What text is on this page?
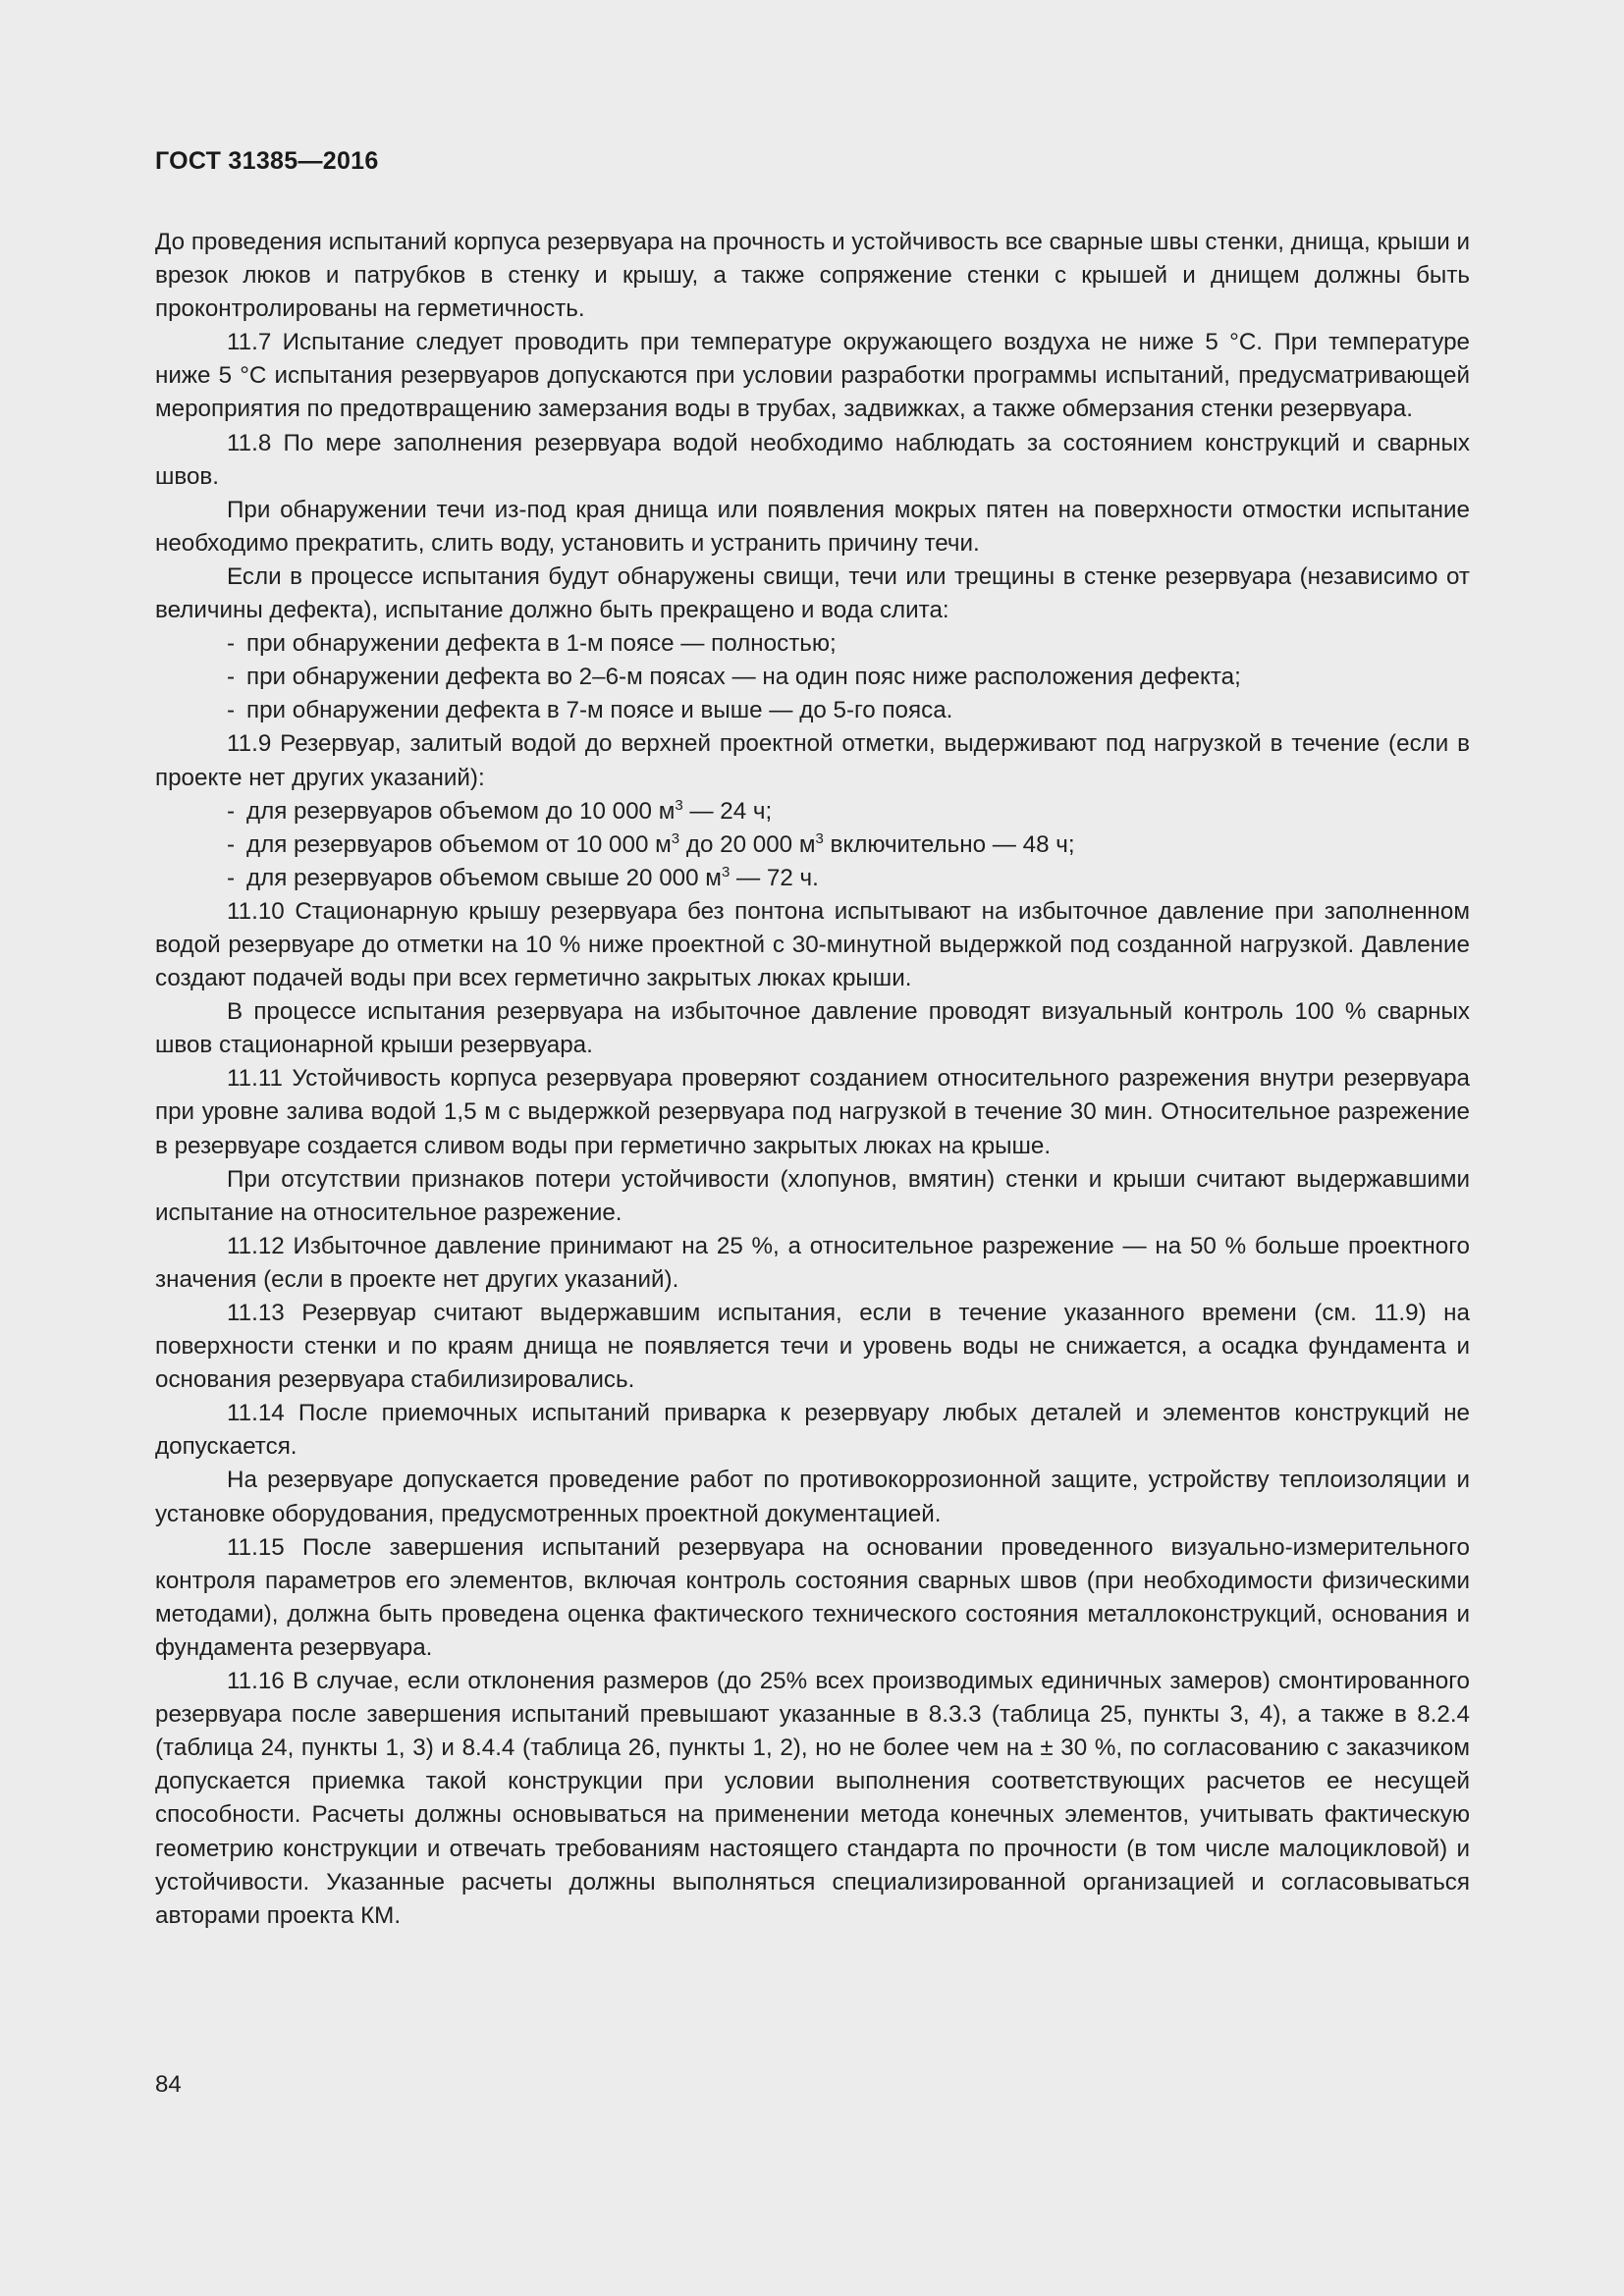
ГОСТ 31385—2016

До проведения испытаний корпуса резервуара на прочность и устойчивость все сварные швы стенки, днища, крыши и врезок люков и патрубков в стенку и крышу, а также сопряжение стенки с крышей и днищем должны быть проконтролированы на герметичность.

11.7 Испытание следует проводить при температуре окружающего воздуха не ниже 5 °С. При температуре ниже 5 °С испытания резервуаров допускаются при условии разработки программы испытаний, предусматривающей мероприятия по предотвращению замерзания воды в трубах, задвижках, а также обмерзания стенки резервуара.

11.8 По мере заполнения резервуара водой необходимо наблюдать за состоянием конструкций и сварных швов.

При обнаружении течи из-под края днища или появления мокрых пятен на поверхности отмостки испытание необходимо прекратить, слить воду, установить и устранить причину течи.

Если в процессе испытания будут обнаружены свищи, течи или трещины в стенке резервуара (независимо от величины дефекта), испытание должно быть прекращено и вода слита:

- при обнаружении дефекта в 1-м поясе — полностью;
- при обнаружении дефекта во 2–6-м поясах — на один пояс ниже расположения дефекта;
- при обнаружении дефекта в 7-м поясе и выше — до 5-го пояса.

11.9 Резервуар, залитый водой до верхней проектной отметки, выдерживают под нагрузкой в течение (если в проекте нет других указаний):

- для резервуаров объемом до 10 000 $м^3$ — 24 ч;
- для резервуаров объемом от 10 000 $м^3$ до 20 000 $м^3$ включительно — 48 ч;
- для резервуаров объемом свыше 20 000 $м^3$ — 72 ч.

11.10 Стационарную крышу резервуара без понтона испытывают на избыточное давление при заполненном водой резервуаре до отметки на 10 % ниже проектной с 30-минутной выдержкой под созданной нагрузкой. Давление создают подачей воды при всех герметично закрытых люках крыши.

В процессе испытания резервуара на избыточное давление проводят визуальный контроль 100 % сварных швов стационарной крыши резервуара.

11.11 Устойчивость корпуса резервуара проверяют созданием относительного разрежения внутри резервуара при уровне залива водой 1,5 м с выдержкой резервуара под нагрузкой в течение 30 мин. Относительное разрежение в резервуаре создается сливом воды при герметично закрытых люках на крыше.

При отсутствии признаков потери устойчивости (хлопунов, вмятин) стенки и крыши считают выдержавшими испытание на относительное разрежение.

11.12 Избыточное давление принимают на 25 %, а относительное разрежение — на 50 % больше проектного значения (если в проекте нет других указаний).

11.13 Резервуар считают выдержавшим испытания, если в течение указанного времени (см. 11.9) на поверхности стенки и по краям днища не появляется течи и уровень воды не снижается, а осадка фундамента и основания резервуара стабилизировались.

11.14 После приемочных испытаний приварка к резервуару любых деталей и элементов конструкций не допускается.

На резервуаре допускается проведение работ по противокоррозионной защите, устройству теплоизоляции и установке оборудования, предусмотренных проектной документацией.

11.15 После завершения испытаний резервуара на основании проведенного визуально-измерительного контроля параметров его элементов, включая контроль состояния сварных швов (при необходимости физическими методами), должна быть проведена оценка фактического технического состояния металлоконструкций, основания и фундамента резервуара.

11.16 В случае, если отклонения размеров (до 25% всех производимых единичных замеров) смонтированного резервуара после завершения испытаний превышают указанные в 8.3.3 (таблица 25, пункты 3, 4), а также в 8.2.4 (таблица 24, пункты 1, 3) и 8.4.4 (таблица 26, пункты 1, 2), но не более чем на ± 30 %, по согласованию с заказчиком допускается приемка такой конструкции при условии выполнения соответствующих расчетов ее несущей способности. Расчеты должны основываться на применении метода конечных элементов, учитывать фактическую геометрию конструкции и отвечать требованиям настоящего стандарта по прочности (в том числе малоцикловой) и устойчивости. Указанные расчеты должны выполняться специализированной организацией и согласовываться авторами проекта КМ.

84
